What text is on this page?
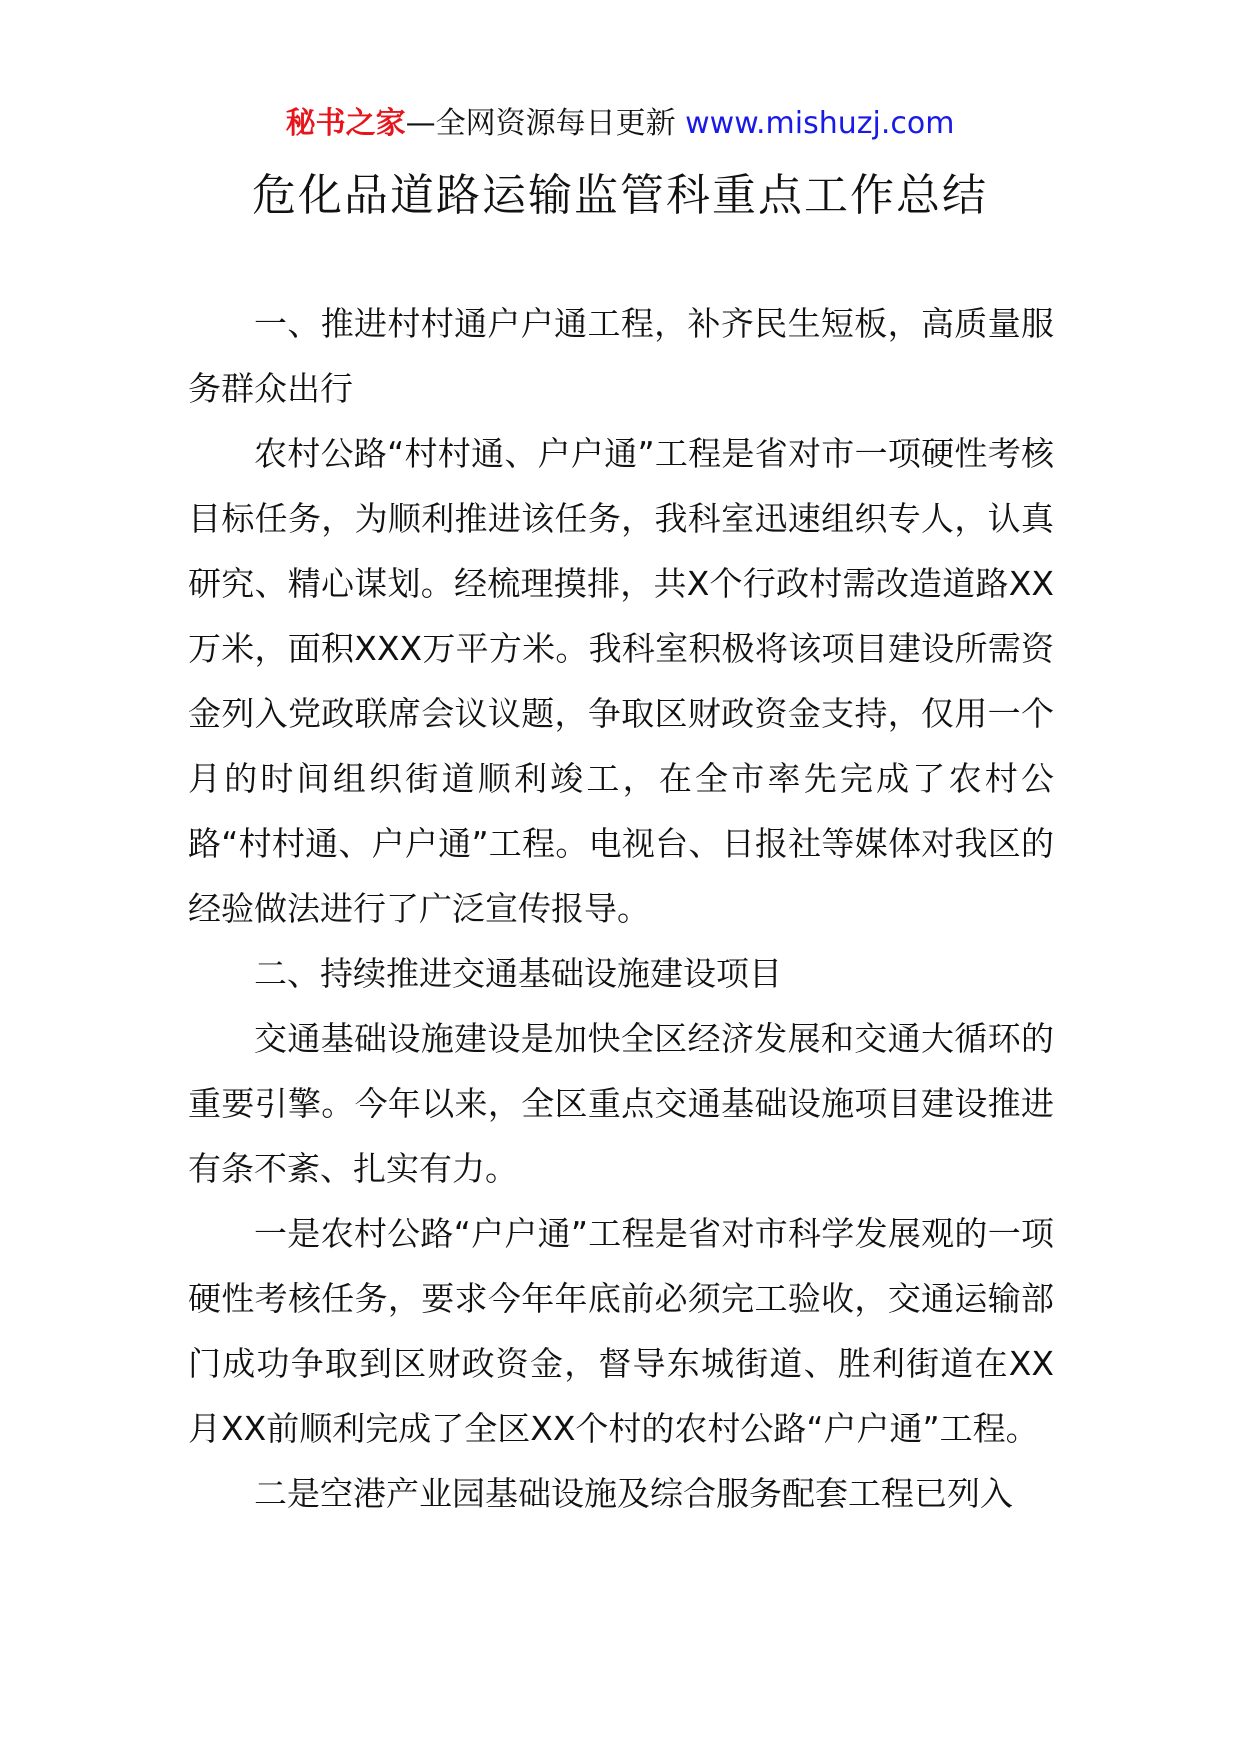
秘书之家—全网资源每日更新 www.mishuzj.com
危化品道路运输监管科重点工作总结

一、推进村村通户户通工程，补齐民生短板，高质量服务群众出行

农村公路“村村通、户户通”工程是省对市一项硬性考核目标任务，为顺利推进该任务，我科室迅速组织专人，认真研究、精心谋划。经梳理摸排，共X个行政村需改造道路XX万米，面积XXX万平方米。我科室积极将该项目建设所需资金列入党政联席会议议题，争取区财政资金支持，仅用一个月的时间组织街道顺利竣工，在全市率先完成了农村公路“村村通、户户通”工程。电视台、日报社等媒体对我区的经验做法进行了广泛宣传报导。

二、持续推进交通基础设施建设项目

交通基础设施建设是加快全区经济发展和交通大循环的重要引擎。今年以来，全区重点交通基础设施项目建设推进有条不紊、扎实有力。

一是农村公路“户户通”工程是省对市科学发展观的一项硬性考核任务，要求今年年底前必须完工验收，交通运输部门成功争取到区财政资金，督导东城街道、胜利街道在XX月XX前顺利完成了全区XX个村的农村公路“户户通”工程。

二是空港产业园基础设施及综合服务配套工程已列入
